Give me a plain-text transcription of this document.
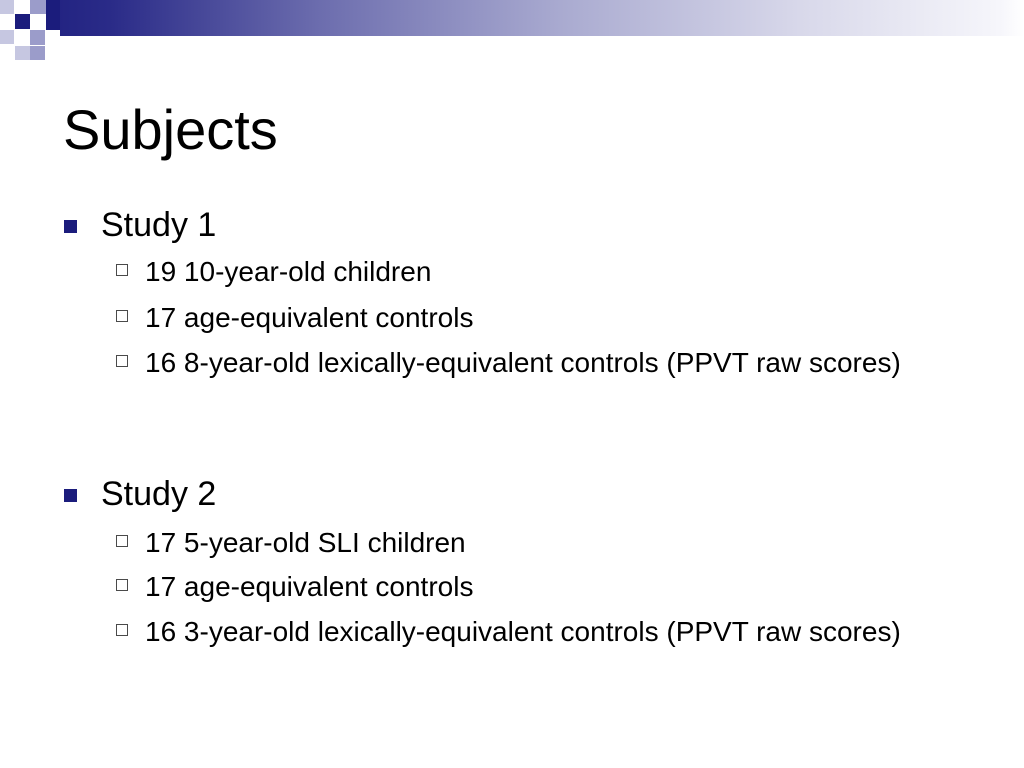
Subjects
Study 1
19 10-year-old children
17 age-equivalent controls
16 8-year-old lexically-equivalent controls (PPVT raw scores)
Study 2
17 5-year-old SLI children
17 age-equivalent controls
16 3-year-old lexically-equivalent controls (PPVT raw scores)
